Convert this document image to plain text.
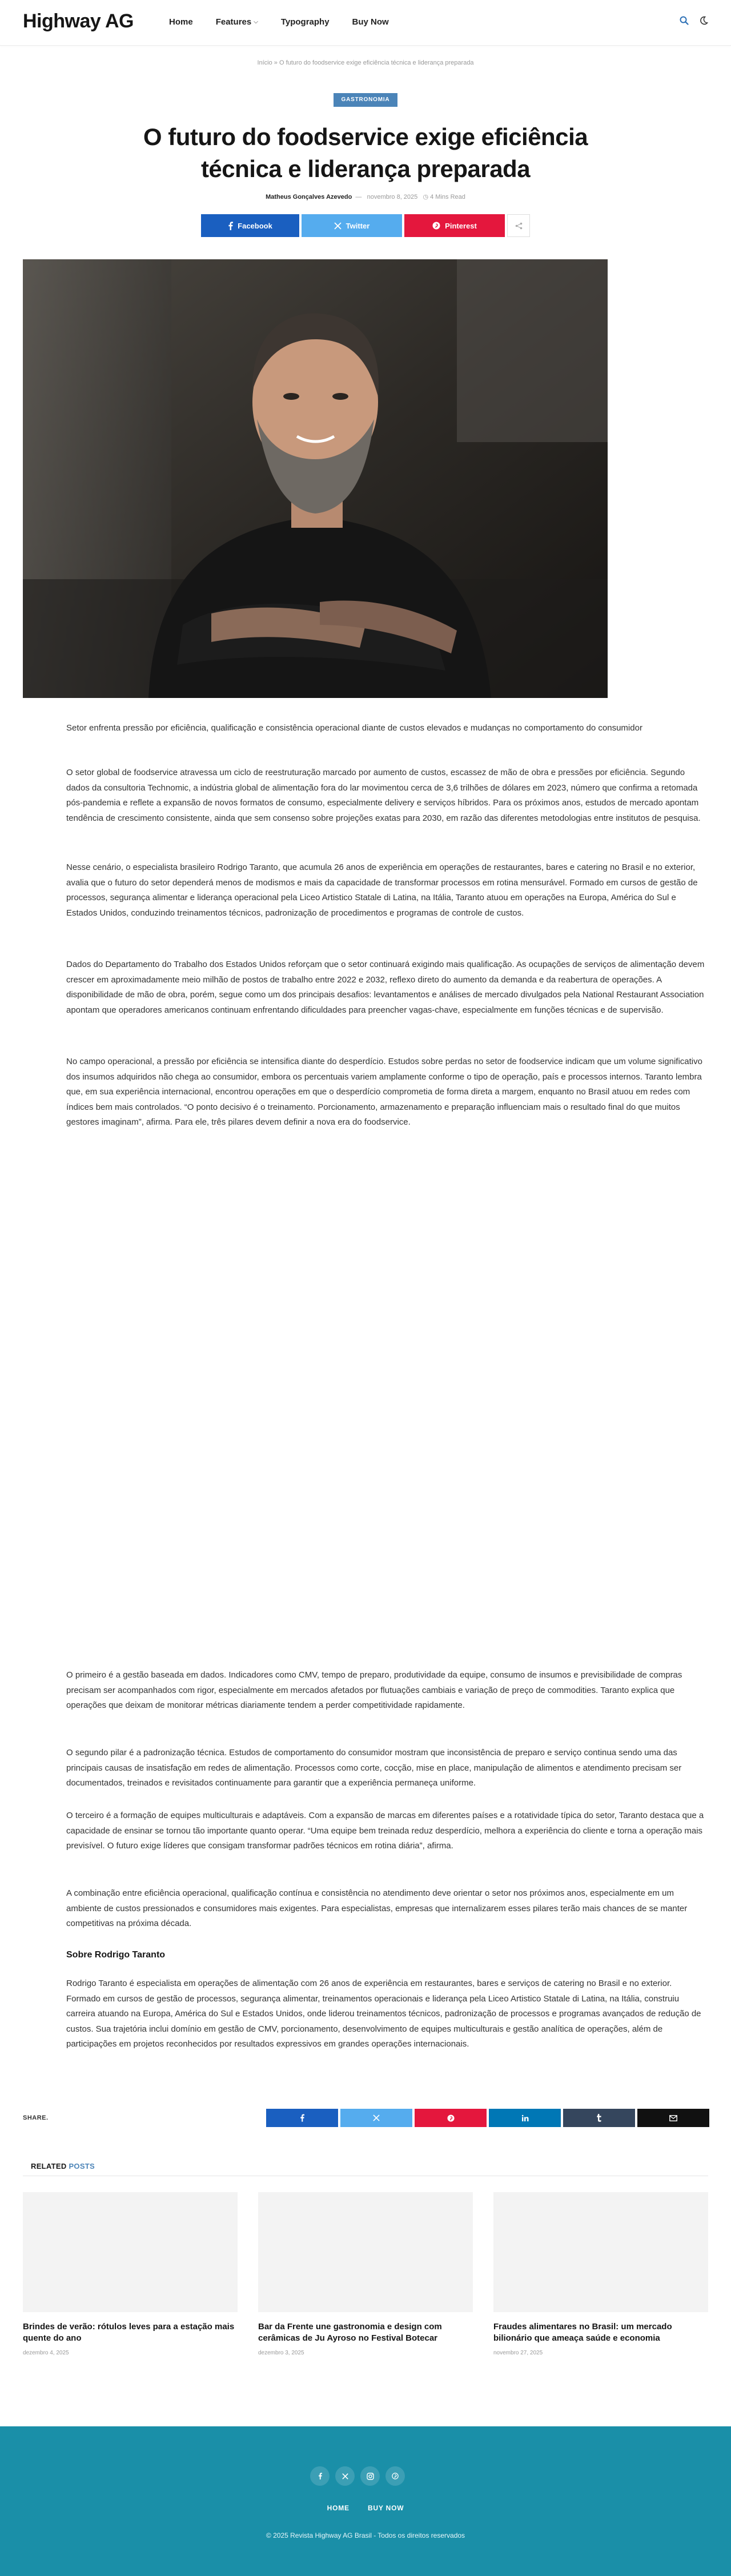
Highway AG	Home	Features ⌵	Typography	Buy Now
Início » O futuro do foodservice exige eficiência técnica e liderança preparada
GASTRONOMIA
O futuro do foodservice exige eficiência técnica e liderança preparada
Matheus Gonçalves Azevedo  —   novembro 8, 2025   ◷ 4 Mins Read
Facebook	Twitter	Pinterest

Setor enfrenta pressão por eficiência, qualificação e consistência operacional diante de custos elevados e mudanças no comportamento do consumidor

O setor global de foodservice atravessa um ciclo de reestruturação marcado por aumento de custos, escassez de mão de obra e pressões por eficiência. Segundo dados da consultoria Technomic, a indústria global de alimentação fora do lar movimentou cerca de 3,6 trilhões de dólares em 2023, número que confirma a retomada pós-pandemia e reflete a expansão de novos formatos de consumo, especialmente delivery e serviços híbridos. Para os próximos anos, estudos de mercado apontam tendência de crescimento consistente, ainda que sem consenso sobre projeções exatas para 2030, em razão das diferentes metodologias entre institutos de pesquisa.

Nesse cenário, o especialista brasileiro Rodrigo Taranto, que acumula 26 anos de experiência em operações de restaurantes, bares e catering no Brasil e no exterior, avalia que o futuro do setor dependerá menos de modismos e mais da capacidade de transformar processos em rotina mensurável. Formado em cursos de gestão de processos, segurança alimentar e liderança operacional pela Liceo Artistico Statale di Latina, na Itália, Taranto atuou em operações na Europa, América do Sul e Estados Unidos, conduzindo treinamentos técnicos, padronização de procedimentos e programas de controle de custos.

Dados do Departamento do Trabalho dos Estados Unidos reforçam que o setor continuará exigindo mais qualificação. As ocupações de serviços de alimentação devem crescer em aproximadamente meio milhão de postos de trabalho entre 2022 e 2032, reflexo direto do aumento da demanda e da reabertura de operações. A disponibilidade de mão de obra, porém, segue como um dos principais desafios: levantamentos e análises de mercado divulgados pela National Restaurant Association apontam que operadores americanos continuam enfrentando dificuldades para preencher vagas-chave, especialmente em funções técnicas e de supervisão.

No campo operacional, a pressão por eficiência se intensifica diante do desperdício. Estudos sobre perdas no setor de foodservice indicam que um volume significativo dos insumos adquiridos não chega ao consumidor, embora os percentuais variem amplamente conforme o tipo de operação, país e processos internos. Taranto lembra que, em sua experiência internacional, encontrou operações em que o desperdício comprometia de forma direta a margem, enquanto no Brasil atuou em redes com índices bem mais controlados. “O ponto decisivo é o treinamento. Porcionamento, armazenamento e preparação influenciam mais o resultado final do que muitos gestores imaginam”, afirma. Para ele, três pilares devem definir a nova era do foodservice.

O primeiro é a gestão baseada em dados. Indicadores como CMV, tempo de preparo, produtividade da equipe, consumo de insumos e previsibilidade de compras precisam ser acompanhados com rigor, especialmente em mercados afetados por flutuações cambiais e variação de preço de commodities. Taranto explica que operações que deixam de monitorar métricas diariamente tendem a perder competitividade rapidamente.

O segundo pilar é a padronização técnica. Estudos de comportamento do consumidor mostram que inconsistência de preparo e serviço continua sendo uma das principais causas de insatisfação em redes de alimentação. Processos como corte, cocção, mise en place, manipulação de alimentos e atendimento precisam ser documentados, treinados e revisitados continuamente para garantir que a experiência permaneça uniforme.

O terceiro é a formação de equipes multiculturais e adaptáveis. Com a expansão de marcas em diferentes países e a rotatividade típica do setor, Taranto destaca que a capacidade de ensinar se tornou tão importante quanto operar. “Uma equipe bem treinada reduz desperdício, melhora a experiência do cliente e torna a operação mais previsível. O futuro exige líderes que consigam transformar padrões técnicos em rotina diária”, afirma.

A combinação entre eficiência operacional, qualificação contínua e consistência no atendimento deve orientar o setor nos próximos anos, especialmente em um ambiente de custos pressionados e consumidores mais exigentes. Para especialistas, empresas que internalizarem esses pilares terão mais chances de se manter competitivas na próxima década.

Sobre Rodrigo Taranto

Rodrigo Taranto é especialista em operações de alimentação com 26 anos de experiência em restaurantes, bares e serviços de catering no Brasil e no exterior. Formado em cursos de gestão de processos, segurança alimentar, treinamentos operacionais e liderança pela Liceo Artistico Statale di Latina, na Itália, construiu carreira atuando na Europa, América do Sul e Estados Unidos, onde liderou treinamentos técnicos, padronização de processos e programas avançados de redução de custos. Sua trajetória inclui domínio em gestão de CMV, porcionamento, desenvolvimento de equipes multiculturais e gestão analítica de operações, além de participações em projetos reconhecidos por resultados expressivos em grandes operações internacionais.

SHARE.
RELATED POSTS
Brindes de verão: rótulos leves para a estação mais quente do ano
dezembro 4, 2025
Bar da Frente une gastronomia e design com cerâmicas de Ju Ayroso no Festival Botecar
dezembro 3, 2025
Fraudes alimentares no Brasil: um mercado bilionário que ameaça saúde e economia
novembro 27, 2025
HOME	BUY NOW
© 2025 Revista Highway AG Brasil - Todos os direitos reservados
